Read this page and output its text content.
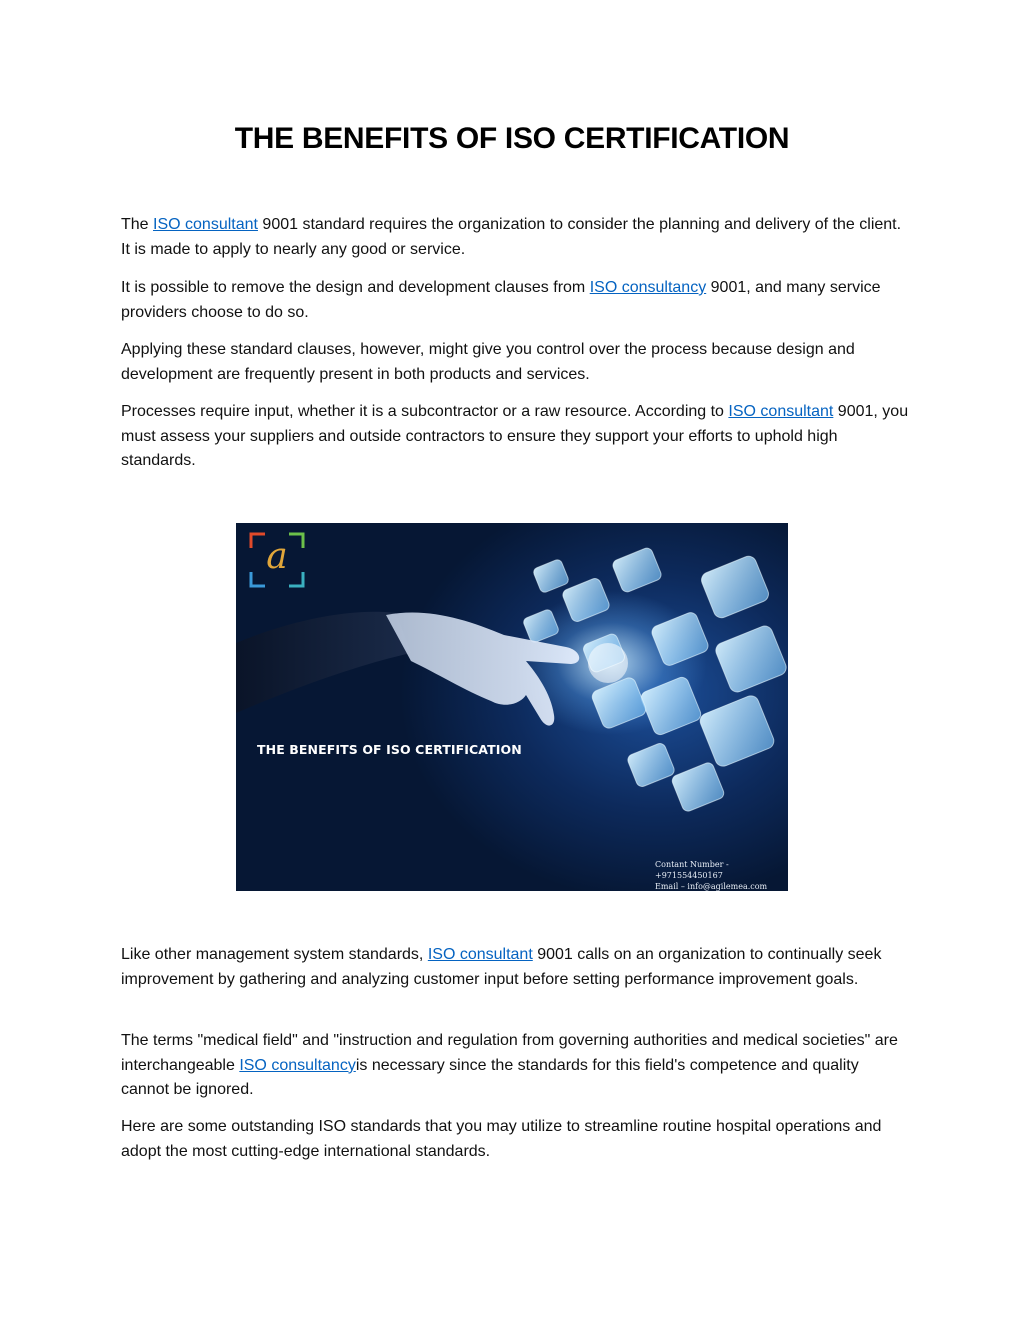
THE BENEFITS OF ISO CERTIFICATION

The ISO consultant 9001 standard requires the organization to consider the planning and delivery of the client. It is made to apply to nearly any good or service.

It is possible to remove the design and development clauses from ISO consultancy 9001, and many service providers choose to do so.

Applying these standard clauses, however, might give you control over the process because design and development are frequently present in both products and services.

Processes require input, whether it is a subcontractor or a raw resource. According to ISO consultant 9001, you must assess your suppliers and outside contractors to ensure they support your efforts to uphold high standards.

a
THE BENEFITS OF ISO CERTIFICATION
Contant Number -+971554450167
Email – info@agilemea.com

Like other management system standards, ISO consultant 9001 calls on an organization to continually seek improvement by gathering and analyzing customer input before setting performance improvement goals.

The terms "medical field" and "instruction and regulation from governing authorities and medical societies" are interchangeable ISO consultancyis necessary since the standards for this field's competence and quality cannot be ignored.

Here are some outstanding ISO standards that you may utilize to streamline routine hospital operations and adopt the most cutting-edge international standards.
